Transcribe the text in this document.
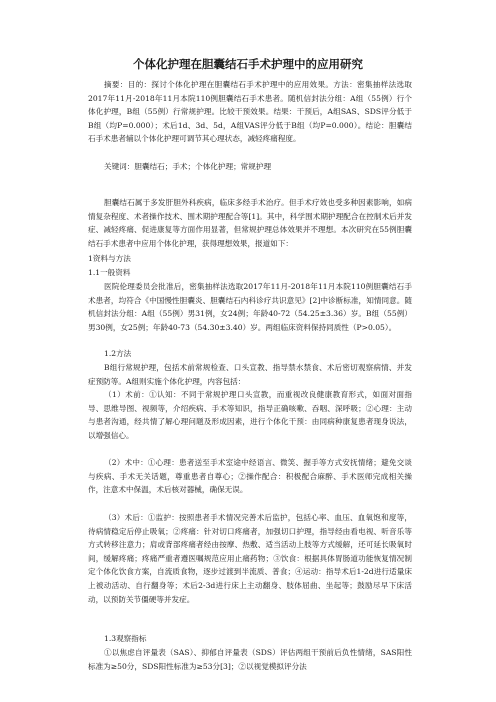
个体化护理在胆囊结石手术护理中的应用研究

摘要：目的：探讨个体化护理在胆囊结石手术护理中的应用效果。方法：密集抽样法选取2017年11月-2018年11月本院110例胆囊结石手术患者。随机信封法分组：A组（55例）行个体化护理，B组（55例）行常规护理。比较干预效果。结果：干预后，A组SAS、SDS评分低于B组（均P=0.000）；术后1d、3d、5d，A组VAS评分低于B组（均P=0.000）。结论：胆囊结石手术患者辅以个体化护理可调节其心理状态，减轻疼痛程度。

关键词：胆囊结石；手术；个体化护理；常规护理

胆囊结石属于多发肝胆外科疾病，临床多经手术治疗。但手术疗效也受多种因素影响，如病情复杂程度、术者操作技术、围术期护理配合等[1]。其中，科学围术期护理配合在控制术后并发症、减轻疼痛、促进康复等方面作用显著，但常规护理总体效果并不理想。本次研究在55例胆囊结石手术患者中应用个体化护理，获得理想效果，报道如下：

1资料与方法
1.1一般资料

医院伦理委员会批准后，密集抽样法选取2017年11月-2018年11月本院110例胆囊结石手术患者，均符合《中国慢性胆囊炎、胆囊结石内科诊疗共识意见》[2]中诊断标准，知情同意。随机信封法分组：A组（55例）男31例，女24例；年龄40-72（54.25±3.36）岁。B组（55例）男30例，女25例；年龄40-73（54.30±3.40）岁。两组临床资料保持同质性（P>0.05）。

1.2方法

B组行常规护理，包括术前常规检查、口头宣教、指导禁水禁食、术后密切观察病情、并发症预防等。A组则实施个体化护理，内容包括：

（1）术前：①认知：不同于常规护理口头宣教，而重视改良健康教育形式，如面对面指导、思维导图、视频等，介绍疾病、手术等知识，指导正确咳嗽、吞咽、深呼吸；②心理：主动与患者沟通，经共情了解心理问题及形成因素，进行个体化干预：由同病种康复患者现身说法，以增强信心。

（2）术中：①心理：患者送至手术室途中经语言、微笑、握手等方式安抚情绪；避免交谈与疾病、手术无关话题，尊重患者自尊心；②操作配合：积极配合麻醉、手术医师完成相关操作，注意术中保温，术后核对器械，确保无误。

（3）术后：①监护：按照患者手术情况完善术后监护，包括心率、血压、血氧饱和度等，待病情稳定后停止吸氧；②疼痛：针对切口疼痛者，加强切口护理，指导经由看电视、听音乐等方式转移注意力；肩或背部疼痛者经由按摩、热敷、适当活动上肢等方式缓解，还可延长吸氧时间，缓解疼痛；疼痛严重者遵医嘱规范应用止痛药物；③饮食：根据具体胃肠道功能恢复情况制定个体化饮食方案，自流质食物，逐步过渡到半流质、普食；④运动：指导术后1-2d进行适量床上被动活动、自行翻身等；术后2-3d进行床上主动翻身、肢体屈曲、坐起等；鼓励尽早下床活动，以预防关节僵硬等并发症。

1.3观察指标

①以焦虑自评量表（SAS）、抑郁自评量表（SDS）评估两组干预前后负性情绪，SAS阳性标准为≥50分，SDS阳性标准为≥53分[3]；②以视觉模拟评分法
